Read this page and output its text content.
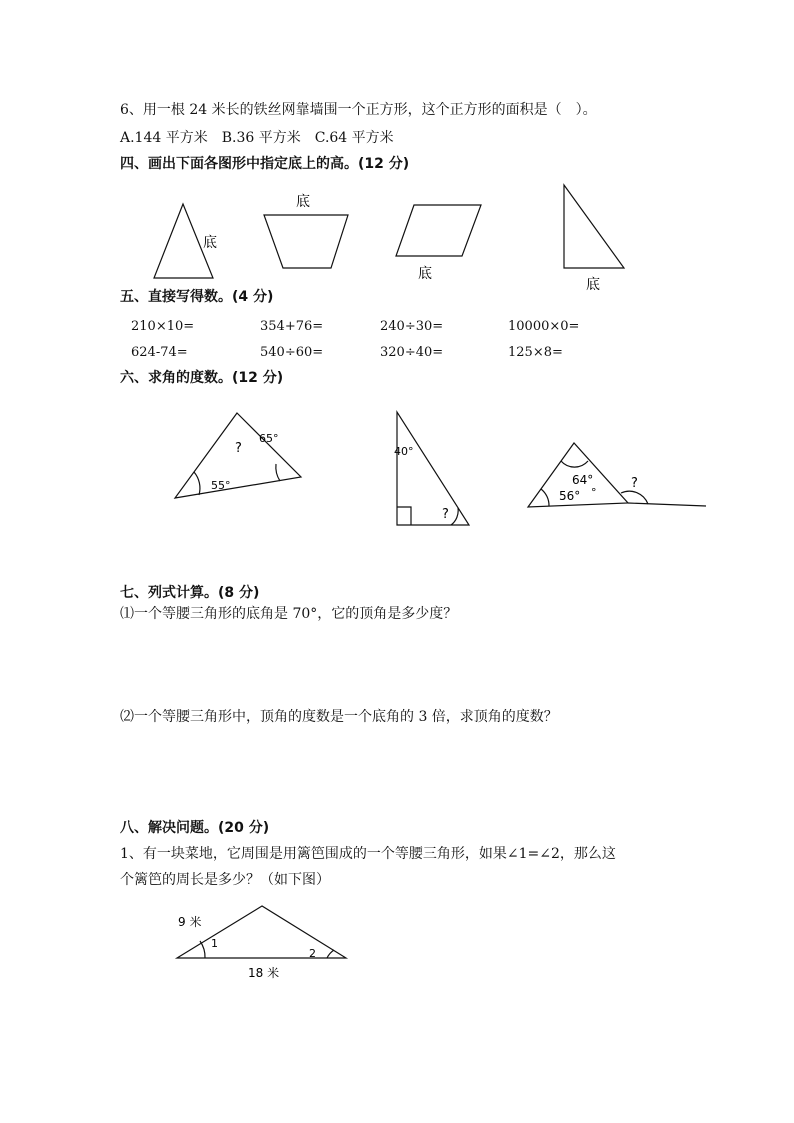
6、用一根 24 米长的铁丝网靠墙围一个正方形，这个正方形的面积是（　）。
A.144 平方米　B.36 平方米　C.64 平方米
四、画出下面各图形中指定底上的高。(12 分)
五、直接写得数。(4 分)
210×10=	354+76=	240÷30=	10000×0=
624-74=	540÷60=	320÷40=	125×8=
六、求角的度数。(12 分)
七、列式计算。(8 分)
⑴一个等腰三角形的底角是 70°，它的顶角是多少度？
⑵一个等腰三角形中，顶角的度数是一个底角的 3 倍，求顶角的度数？
八、解决问题。(20 分)
1、有一块菜地，它周围是用篱笆围成的一个等腰三角形，如果∠1=∠2，那么这
个篱笆的周长是多少？（如下图）
底
底
底
底
?
65°
55°
40°
?
64°
56° °
?
9 米
1
2
18 米
